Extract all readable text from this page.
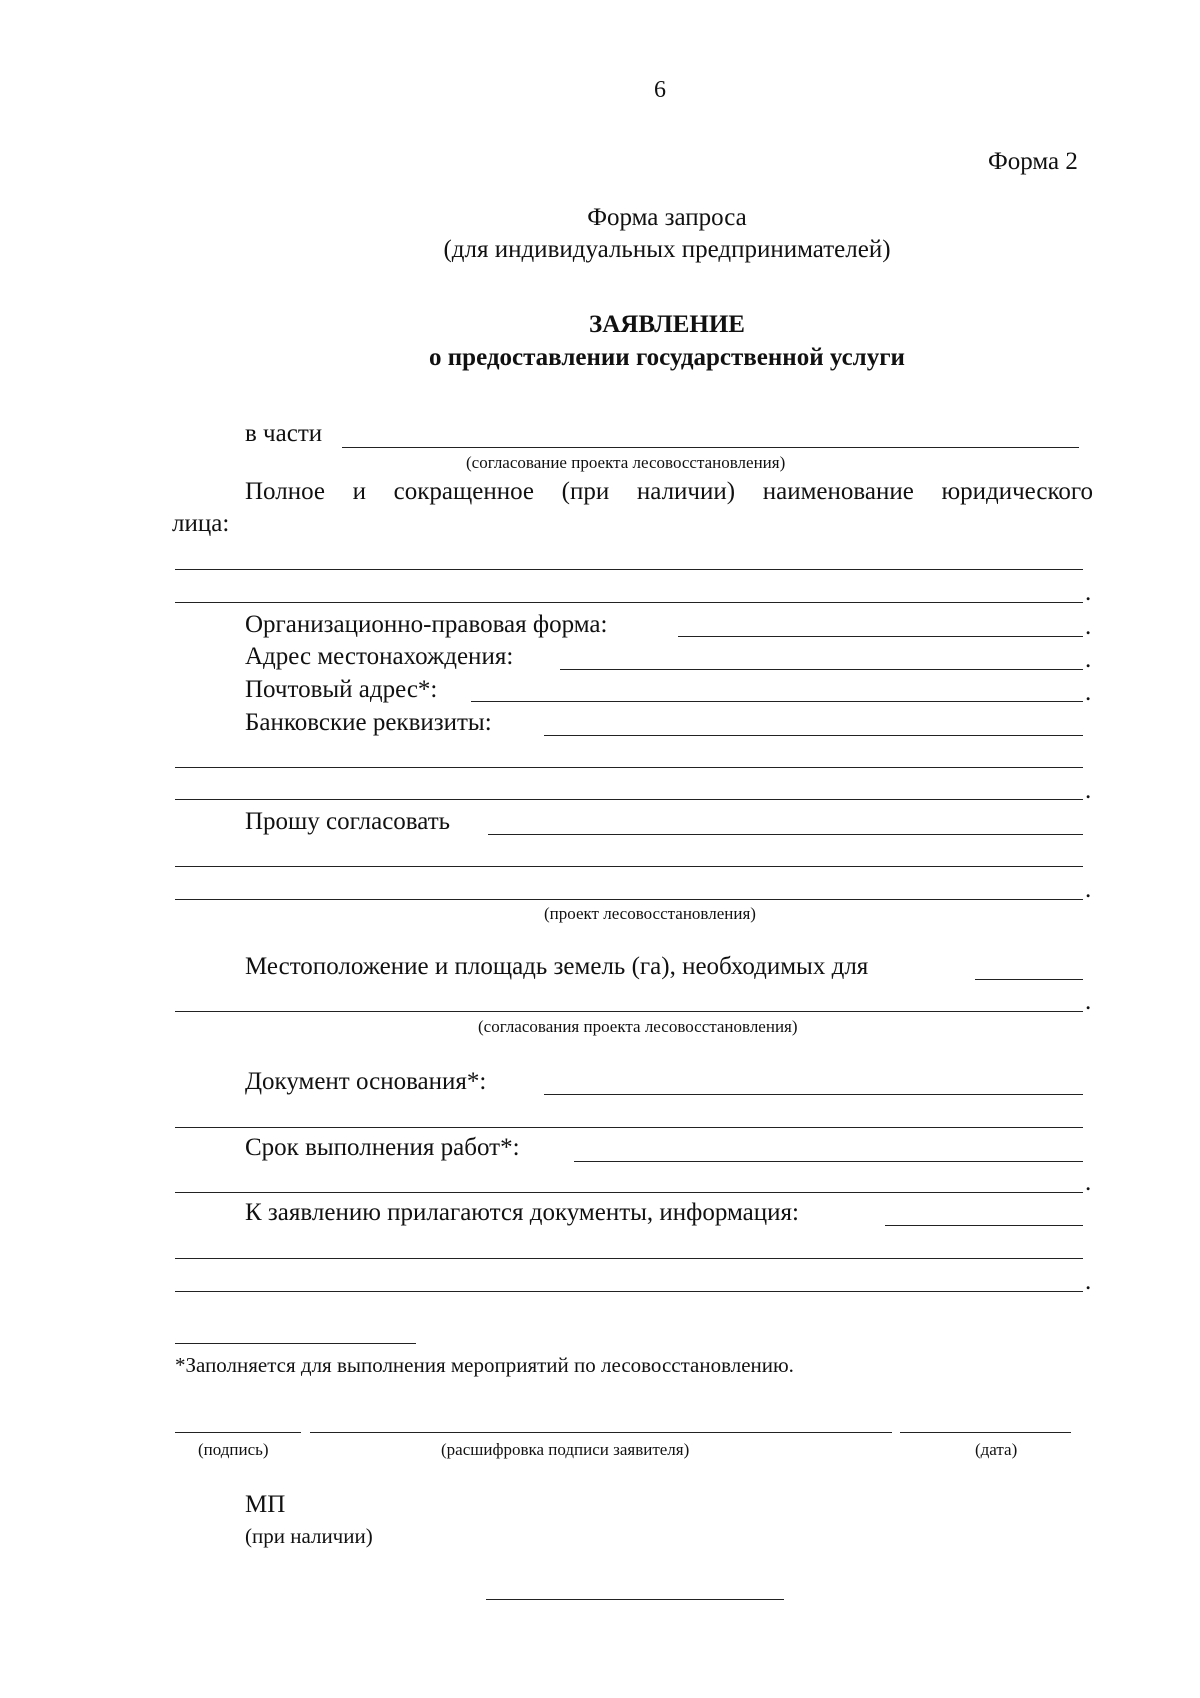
6
Форма 2
Форма запроса
(для индивидуальных предпринимателей)
ЗАЯВЛЕНИЕ
о предоставлении государственной услуги
в части
(согласование проекта лесовосстановления)
Полное и сокращенное (при наличии) наименование юридического
лица:
.
Организационно-правовая форма:	.
Адрес местонахождения:	.
Почтовый адрес*:	.
Банковские реквизиты:
.
Прошу согласовать
.
(проект лесовосстановления)
Местоположение и площадь земель (га), необходимых для
.
(согласования проекта лесовосстановления)
Документ основания*:
Срок выполнения работ*:
.
К заявлению прилагаются документы, информация:
.
*Заполняется для выполнения мероприятий по лесовосстановлению.
(подпись)	(расшифровка подписи заявителя)	(дата)
МП
(при наличии)
